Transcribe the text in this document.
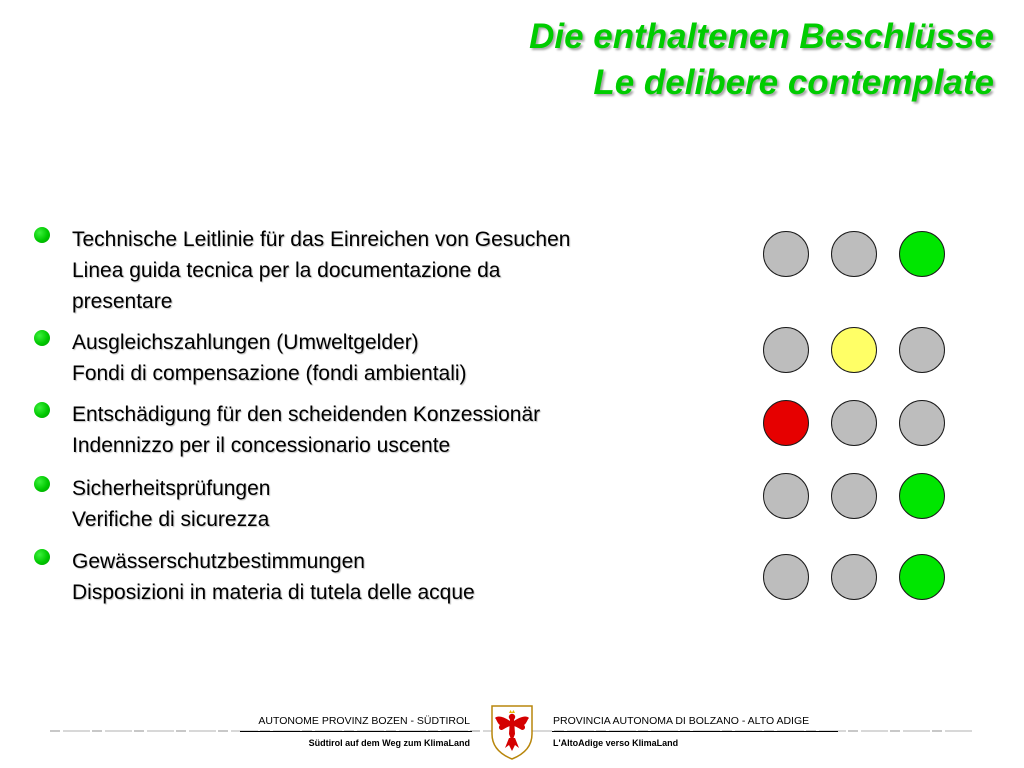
Die enthaltenen Beschlüsse
Le delibere contemplate
Technische Leitlinie für das Einreichen von Gesuchen
Linea guida tecnica per la documentazione da
presentare
Ausgleichszahlungen (Umweltgelder)
Fondi di compensazione (fondi ambientali)
Entschädigung für den scheidenden Konzessionär
Indennizzo per il concessionario uscente
Sicherheitsprüfungen
Verifiche di sicurezza
Gewässerschutzbestimmungen
Disposizioni in materia di tutela delle acque
AUTONOME PROVINZ BOZEN - SÜDTIROL
Südtirol auf dem Weg zum KlimaLand
PROVINCIA AUTONOMA DI BOLZANO - ALTO ADIGE
L'AltoAdige verso KlimaLand
